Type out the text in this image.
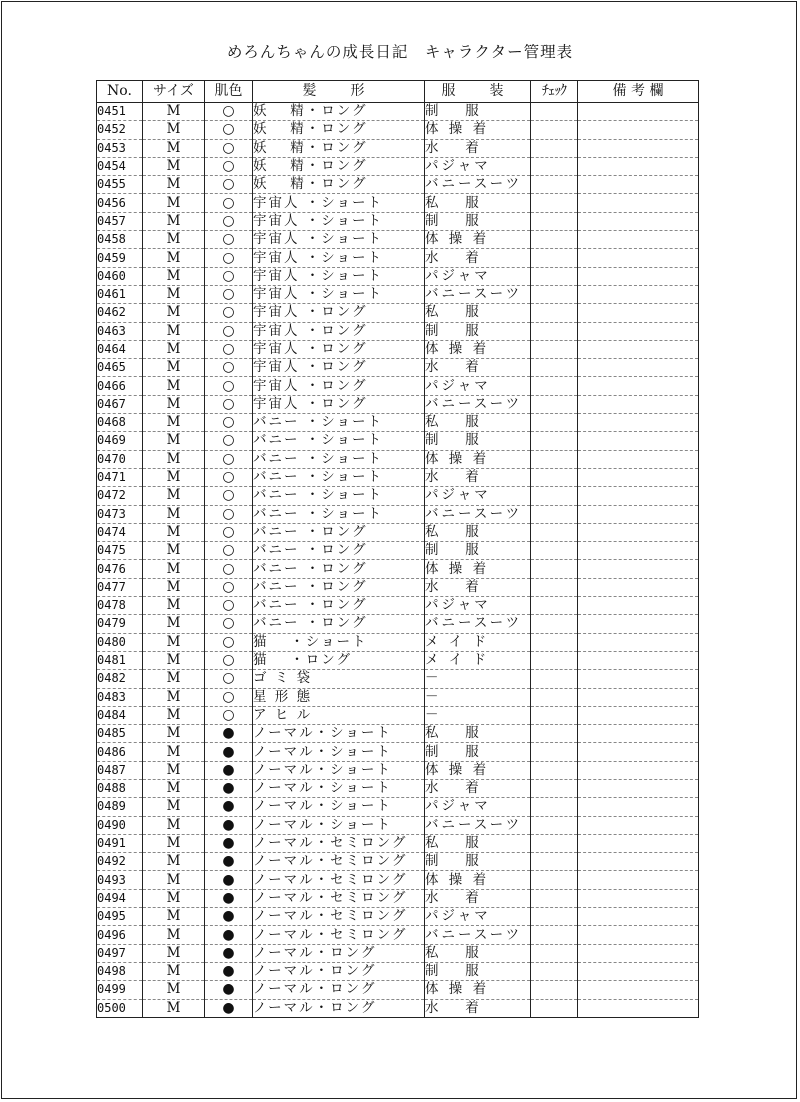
めろんちゃんの成長日記　キャラクター管理表
No.	サイズ	肌色	髪　形	服　装	ﾁｪｯｸ	備 考 欄
0451	M	○	妖　 精・ロング	制　 服		
0452	M	○	妖　 精・ロング	体 操 着		
0453	M	○	妖　 精・ロング	水　 着		
0454	M	○	妖　 精・ロング	パジャマ		
0455	M	○	妖　 精・ロング	バニースーツ		
0456	M	○	宇宙人 ・ショート	私　 服		
0457	M	○	宇宙人 ・ショート	制　 服		
0458	M	○	宇宙人 ・ショート	体 操 着		
0459	M	○	宇宙人 ・ショート	水　 着		
0460	M	○	宇宙人 ・ショート	パジャマ		
0461	M	○	宇宙人 ・ショート	バニースーツ		
0462	M	○	宇宙人 ・ロング	私　 服		
0463	M	○	宇宙人 ・ロング	制　 服		
0464	M	○	宇宙人 ・ロング	体 操 着		
0465	M	○	宇宙人 ・ロング	水　 着		
0466	M	○	宇宙人 ・ロング	パジャマ		
0467	M	○	宇宙人 ・ロング	バニースーツ		
0468	M	○	バニー ・ショート	私　 服		
0469	M	○	バニー ・ショート	制　 服		
0470	M	○	バニー ・ショート	体 操 着		
0471	M	○	バニー ・ショート	水　 着		
0472	M	○	バニー ・ショート	パジャマ		
0473	M	○	バニー ・ショート	バニースーツ		
0474	M	○	バニー ・ロング	私　 服		
0475	M	○	バニー ・ロング	制　 服		
0476	M	○	バニー ・ロング	体 操 着		
0477	M	○	バニー ・ロング	水　 着		
0478	M	○	バニー ・ロング	パジャマ		
0479	M	○	バニー ・ロング	バニースーツ		
0480	M	○	猫　 ・ショート	メ イ ド		
0481	M	○	猫　 ・ロング	メ イ ド		
0482	M	○	ゴ ミ 袋	－		
0483	M	○	星 形 態	－		
0484	M	○	ア ヒ ル	－		
0485	M	●	ノーマル・ショート	私　 服		
0486	M	●	ノーマル・ショート	制　 服		
0487	M	●	ノーマル・ショート	体 操 着		
0488	M	●	ノーマル・ショート	水　 着		
0489	M	●	ノーマル・ショート	パジャマ		
0490	M	●	ノーマル・ショート	バニースーツ		
0491	M	●	ノーマル・セミロング	私　 服		
0492	M	●	ノーマル・セミロング	制　 服		
0493	M	●	ノーマル・セミロング	体 操 着		
0494	M	●	ノーマル・セミロング	水　 着		
0495	M	●	ノーマル・セミロング	パジャマ		
0496	M	●	ノーマル・セミロング	バニースーツ		
0497	M	●	ノーマル・ロング	私　 服		
0498	M	●	ノーマル・ロング	制　 服		
0499	M	●	ノーマル・ロング	体 操 着		
0500	M	●	ノーマル・ロング	水　 着		
